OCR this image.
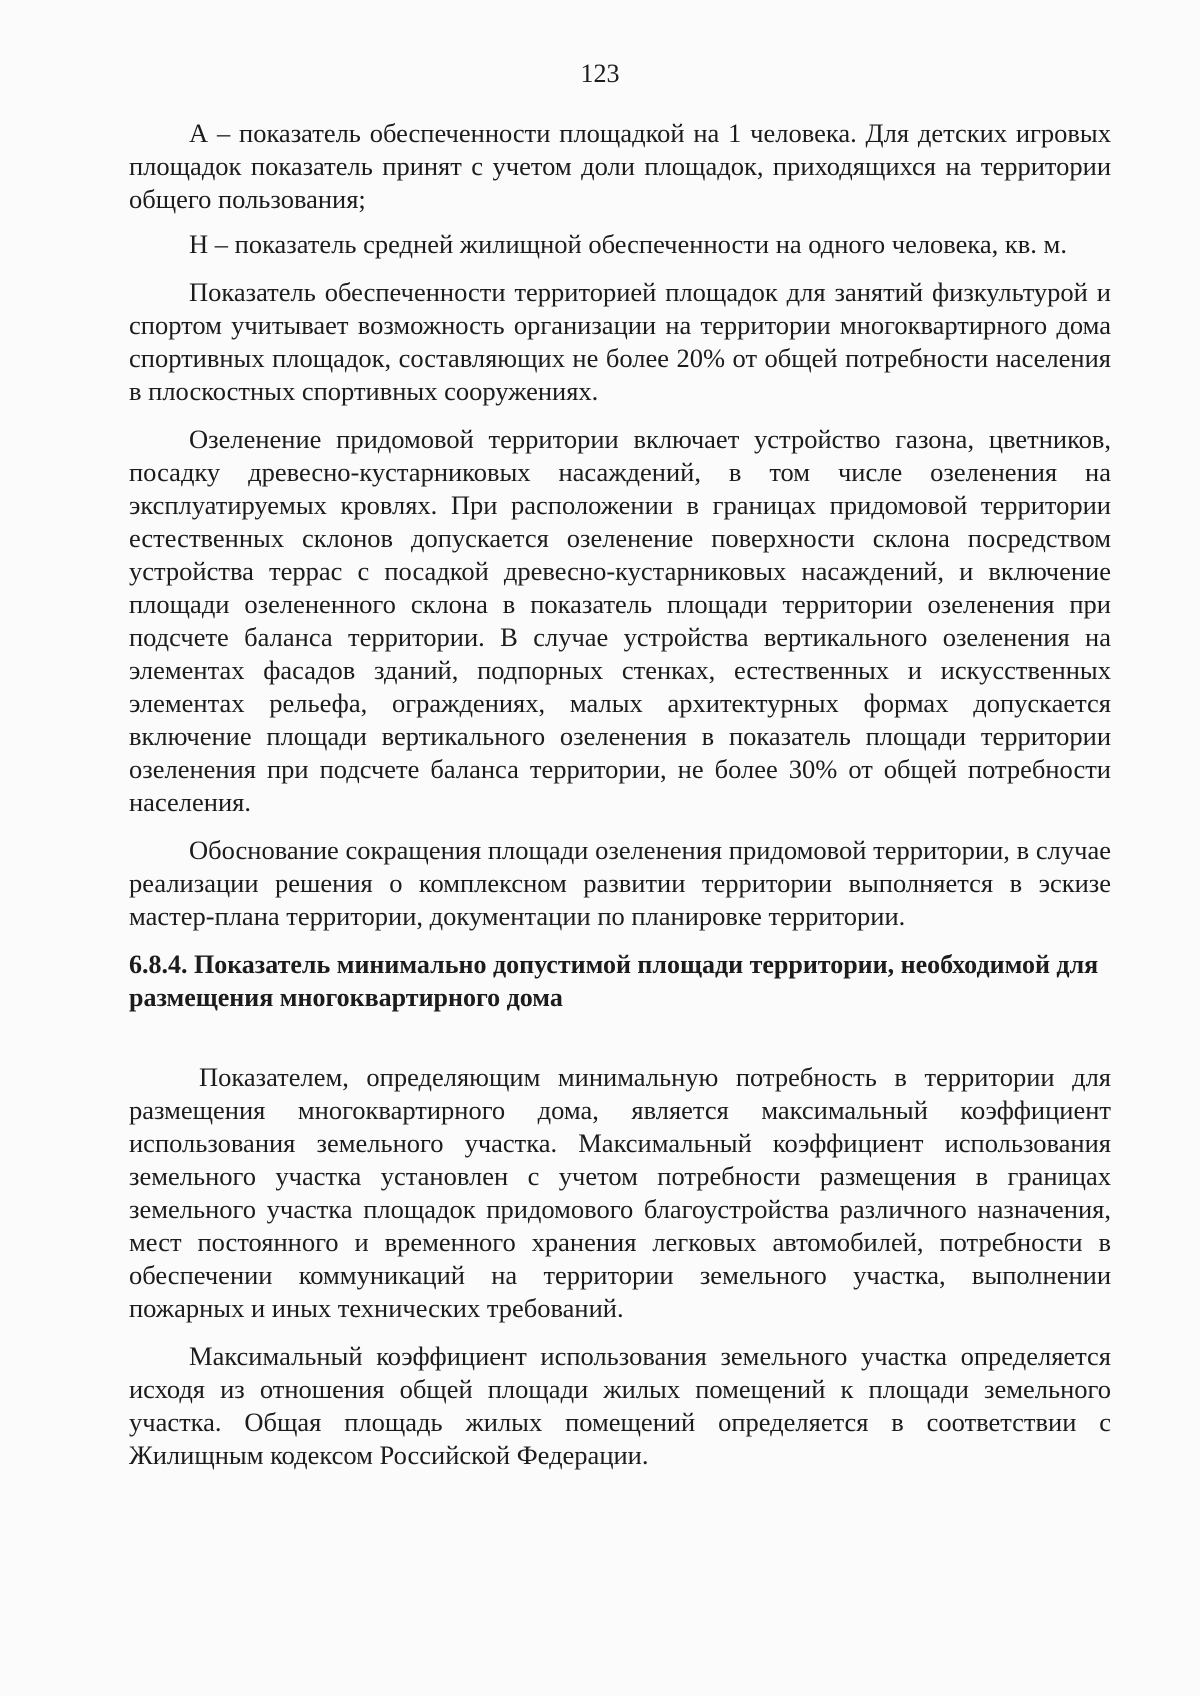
123

А – показатель обеспеченности площадкой на 1 человека. Для детских игровых площадок показатель принят с учетом доли площадок, приходящихся на территории общего пользования;

Н – показатель средней жилищной обеспеченности на одного человека, кв. м.

Показатель обеспеченности территорией площадок для занятий физкультурой и спортом учитывает возможность организации на территории многоквартирного дома спортивных площадок, составляющих не более 20% от общей потребности населения в плоскостных спортивных сооружениях.

Озеленение придомовой территории включает устройство газона, цветников, посадку древесно-кустарниковых насаждений, в том числе озеленения на эксплуатируемых кровлях. При расположении в границах придомовой территории естественных склонов допускается озеленение поверхности склона посредством устройства террас с посадкой древесно-кустарниковых насаждений, и включение площади озелененного склона в показатель площади территории озеленения при подсчете баланса территории. В случае устройства вертикального озеленения на элементах фасадов зданий, подпорных стенках, естественных и искусственных элементах рельефа, ограждениях, малых архитектурных формах допускается включение площади вертикального озеленения в показатель площади территории озеленения при подсчете баланса территории, не более 30% от общей потребности населения.

Обоснование сокращения площади озеленения придомовой территории, в случае реализации решения о комплексном развитии территории выполняется в эскизе мастер-плана территории, документации по планировке территории.

6.8.4. Показатель минимально допустимой площади территории, необходимой для размещения многоквартирного дома

Показателем, определяющим минимальную потребность в территории для размещения многоквартирного дома, является максимальный коэффициент использования земельного участка. Максимальный коэффициент использования земельного участка установлен с учетом потребности размещения в границах земельного участка площадок придомового благоустройства различного назначения, мест постоянного и временного хранения легковых автомобилей, потребности в обеспечении коммуникаций на территории земельного участка, выполнении пожарных и иных технических требований.

Максимальный коэффициент использования земельного участка определяется исходя из отношения общей площади жилых помещений к площади земельного участка. Общая площадь жилых помещений определяется в соответствии с Жилищным кодексом Российской Федерации.
